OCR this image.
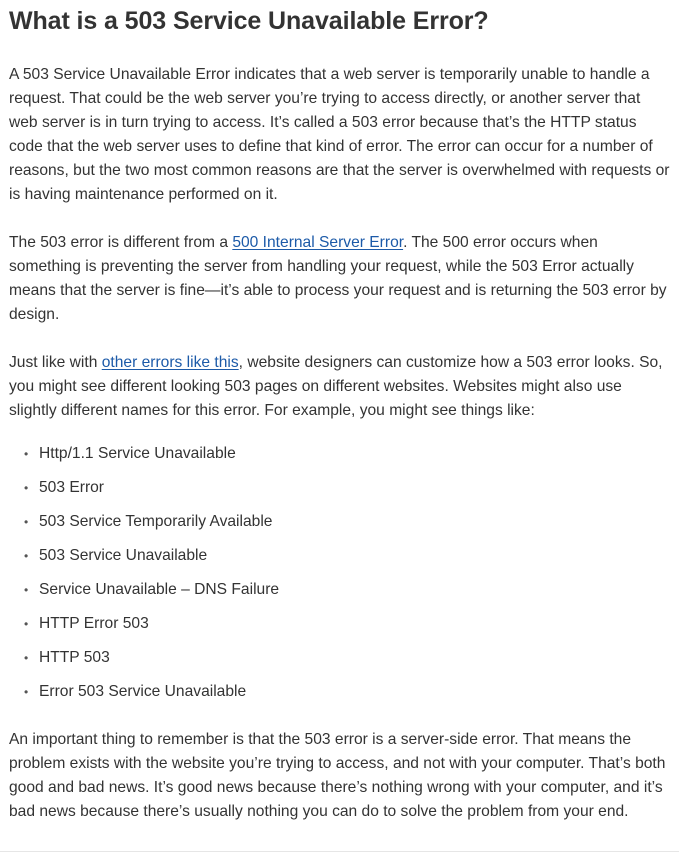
What is a 503 Service Unavailable Error?

A 503 Service Unavailable Error indicates that a web server is temporarily unable to handle a request. That could be the web server you’re trying to access directly, or another server that web server is in turn trying to access. It’s called a 503 error because that’s the HTTP status code that the web server uses to define that kind of error. The error can occur for a number of reasons, but the two most common reasons are that the server is overwhelmed with requests or is having maintenance performed on it.

The 503 error is different from a 500 Internal Server Error. The 500 error occurs when something is preventing the server from handling your request, while the 503 Error actually means that the server is fine—it’s able to process your request and is returning the 503 error by design.

Just like with other errors like this, website designers can customize how a 503 error looks. So, you might see different looking 503 pages on different websites. Websites might also use slightly different names for this error. For example, you might see things like:

• Http/1.1 Service Unavailable
• 503 Error
• 503 Service Temporarily Available
• 503 Service Unavailable
• Service Unavailable – DNS Failure
• HTTP Error 503
• HTTP 503
• Error 503 Service Unavailable

An important thing to remember is that the 503 error is a server-side error. That means the problem exists with the website you’re trying to access, and not with your computer. That’s both good and bad news. It’s good news because there’s nothing wrong with your computer, and it’s bad news because there’s usually nothing you can do to solve the problem from your end.
